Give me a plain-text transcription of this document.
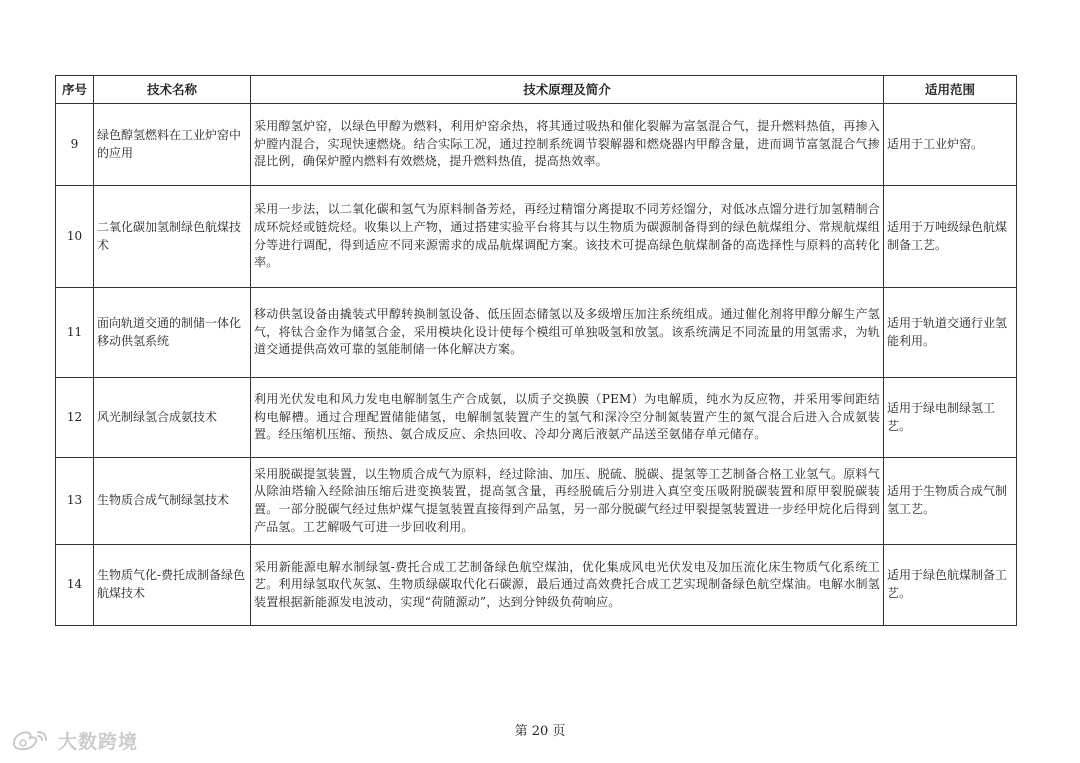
序号	技术名称	技术原理及简介	适用范围
9	绿色醇氢燃料在工业炉窑中的应用	采用醇氢炉窑，以绿色甲醇为燃料，利用炉窑余热，将其通过吸热和催化裂解为富氢混合气，提升燃料热值，再掺入炉膛内混合，实现快速燃烧。结合实际工况，通过控制系统调节裂解器和燃烧器内甲醇含量，进而调节富氢混合气掺混比例，确保炉膛内燃料有效燃烧，提升燃料热值，提高热效率。	适用于工业炉窑。
10	二氧化碳加氢制绿色航煤技术	采用一步法，以二氧化碳和氢气为原料制备芳烃，再经过精馏分离提取不同芳烃馏分，对低冰点馏分进行加氢精制合成环烷烃或链烷烃。收集以上产物，通过搭建实验平台将其与以生物质为碳源制备得到的绿色航煤组分、常规航煤组分等进行调配，得到适应不同来源需求的成品航煤调配方案。该技术可提高绿色航煤制备的高选择性与原料的高转化率。	适用于万吨级绿色航煤制备工艺。
11	面向轨道交通的制储一体化移动供氢系统	移动供氢设备由撬装式甲醇转换制氢设备、低压固态储氢以及多级增压加注系统组成。通过催化剂将甲醇分解生产氢气，将钛合金作为储氢合金，采用模块化设计使每个模组可单独吸氢和放氢。该系统满足不同流量的用氢需求，为轨道交通提供高效可靠的氢能制储一体化解决方案。	适用于轨道交通行业氢能利用。
12	风光制绿氢合成氨技术	利用光伏发电和风力发电电解制氢生产合成氨，以质子交换膜（PEM）为电解质，纯水为反应物，并采用零间距结构电解槽。通过合理配置储能储氢，电解制氢装置产生的氢气和深冷空分制氮装置产生的氮气混合后进入合成氨装置。经压缩机压缩、预热、氨合成反应、余热回收、冷却分离后液氨产品送至氨储存单元储存。	适用于绿电制绿氢工艺。
13	生物质合成气制绿氢技术	采用脱碳提氢装置，以生物质合成气为原料，经过除油、加压、脱硫、脱碳、提氢等工艺制备合格工业氢气。原料气从除油塔输入经除油压缩后进变换装置，提高氢含量，再经脱硫后分别进入真空变压吸附脱碳装置和原甲裂脱碳装置。一部分脱碳气经过焦炉煤气提氢装置直接得到产品氢，另一部分脱碳气经过甲裂提氢装置进一步经甲烷化后得到产品氢。工艺解吸气可进一步回收利用。	适用于生物质合成气制氢工艺。
14	生物质气化-费托成制备绿色航煤技术	采用新能源电解水制绿氢-费托合成工艺制备绿色航空煤油，优化集成风电光伏发电及加压流化床生物质气化系统工艺。利用绿氢取代灰氢、生物质绿碳取代化石碳源，最后通过高效费托合成工艺实现制备绿色航空煤油。电解水制氢装置根据新能源发电波动，实现“荷随源动”，达到分钟级负荷响应。	适用于绿色航煤制备工艺。
第 20 页
大数跨境
